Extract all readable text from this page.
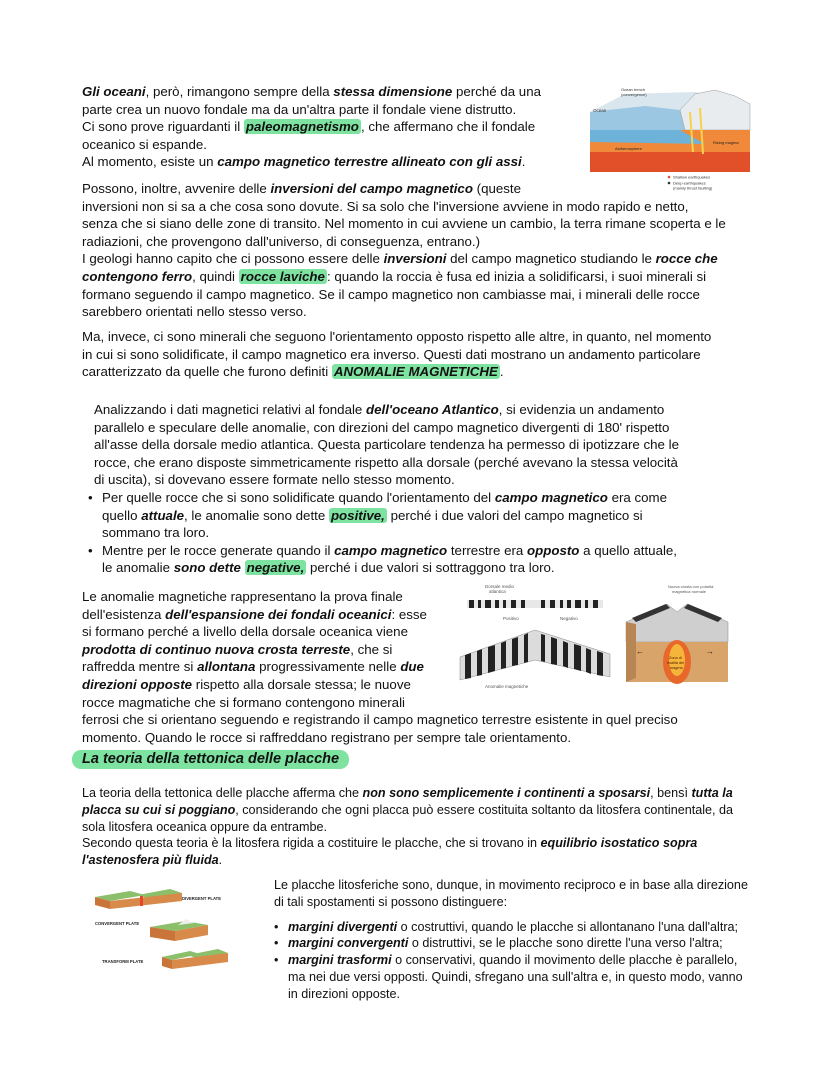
Gli oceani, però, rimangono sempre della stessa dimensione perché da una

parte crea un nuovo fondale ma da un'altra parte il fondale viene distrutto.

Ci sono prove riguardanti il paleomagnetismo , che affermano che il fondale

oceanico si espande.

Al momento, esiste un campo magnetico terrestre allineato con gli assi.

Ocean trench
(convergence)
Ocean
Rising magma
Asthenosphere
Shallow earthquakes
Deep earthquakes
(mainly thrust faulting)

Possono, inoltre, avvenire delle inversioni del campo magnetico (queste

inversioni non si sa a che cosa sono dovute. Si sa solo che l'inversione avviene in modo rapido e netto,

senza che si siano delle zone di transito. Nel momento in cui avviene un cambio, la terra rimane scoperta e le

radiazioni, che provengono dall'universo, di conseguenza, entrano.)

I geologi hanno capito che ci possono essere delle inversioni del campo magnetico studiando le rocce che

contengono ferro, quindi rocce laviche : quando la roccia è fusa ed inizia a solidificarsi, i suoi minerali si

formano seguendo il campo magnetico. Se il campo magnetico non cambiasse mai, i minerali delle rocce

sarebbero orientati nello stesso verso.

Ma, invece, ci sono minerali che seguono l'orientamento opposto rispetto alle altre, in quanto, nel momento

in cui si sono solidificate, il campo magnetico era inverso. Questi dati mostrano un andamento particolare

caratterizzato da quelle che furono definiti ANOMALIE MAGNETICHE .

Analizzando i dati magnetici relativi al fondale dell'oceano Atlantico, si evidenzia un andamento

parallelo e speculare delle anomalie, con direzioni del campo magnetico divergenti di 180' rispetto

all'asse della dorsale medio atlantica. Questa particolare tendenza ha permesso di ipotizzare che le

rocce, che erano disposte simmetricamente rispetto alla dorsale (perché avevano la stessa velocità

di uscita), si dovevano essere formate nello stesso momento.

• Per quelle rocce che si sono solidificate quando l'orientamento del campo magnetico era come
quello attuale, le anomalie sono dette positive, perché i due valori del campo magnetico si
sommano tra loro.
• Mentre per le rocce generate quando il campo magnetico terrestre era opposto a quello attuale,
le anomalie sono dette negative, perché i due valori si sottraggono tra loro.

Le anomalie magnetiche rappresentano la prova finale

dell'esistenza dell'espansione dei fondali oceanici: esse

si formano perché a livello della dorsale oceanica viene

prodotta di continuo nuova crosta terreste, che si

raffredda mentre si allontana progressivamente nelle due

direzioni opposte rispetto alla dorsale stessa; le nuove

rocce magmatiche che si formano contengono minerali

ferrosi che si orientano seguendo e registrando il campo magnetico terrestre esistente in quel preciso

momento. Quando le rocce si raffreddano registrano per sempre tale orientamento.

Dorsale medio
atlantica
Positivo	Negativo
Anomalie magnetiche
Nuova crosta con polarità
magnetica normale
Zona di
risalita del
magma
←	→
La teoria della tettonica delle placche

La teoria della tettonica delle placche afferma che non sono semplicemente i continenti a sposarsi, bensì tutta la

placca su cui si poggiano, considerando che ogni placca può essere costituita soltanto da litosfera continentale, da

sola litosfera oceanica oppure da entrambe.

Secondo questa teoria è la litosfera rigida a costituire le placche, che si trovano in equilibrio isostatico sopra

l'astenosfera più fluida.

DIVERGENT PLATE
CONVERGENT PLATE
TRANSFORM PLATE

Le placche litosferiche sono, dunque, in movimento reciproco e in base alla direzione

di tali spostamenti si possono distinguere:

• margini divergenti o costruttivi, quando le placche si allontanano l'una dall'altra;
• margini convergenti o distruttivi, se le placche sono dirette l'una verso l'altra;
• margini trasformi o conservativi, quando il movimento delle placche è parallelo,
ma nei due versi opposti. Quindi, sfregano una sull'altra e, in questo modo, vanno
in direzioni opposte.
